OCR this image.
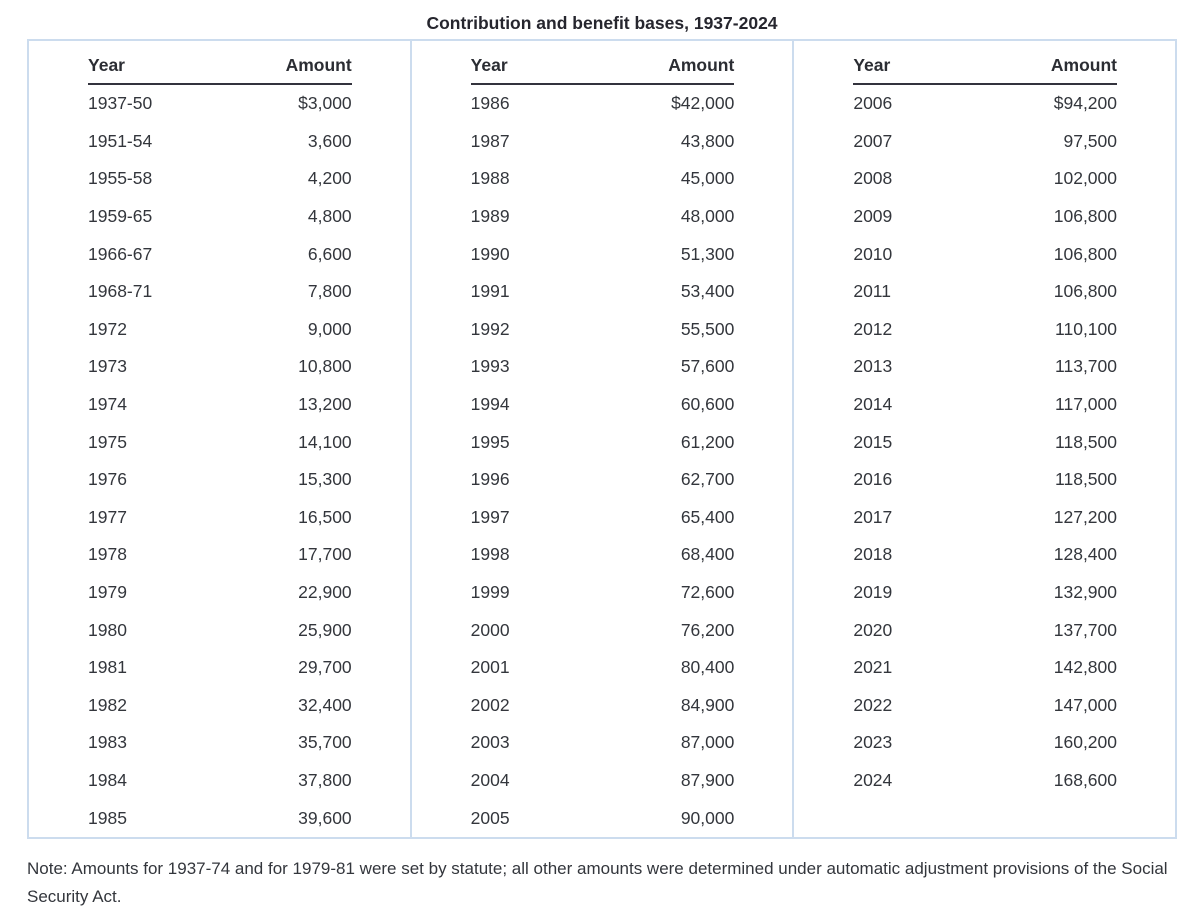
Contribution and benefit bases, 1937-2024
Year	Amount
1937-50	$3,000
1951-54	3,600
1955-58	4,200
1959-65	4,800
1966-67	6,600
1968-71	7,800
1972	9,000
1973	10,800
1974	13,200
1975	14,100
1976	15,300
1977	16,500
1978	17,700
1979	22,900
1980	25,900
1981	29,700
1982	32,400
1983	35,700
1984	37,800
1985	39,600
Year	Amount
1986	$42,000
1987	43,800
1988	45,000
1989	48,000
1990	51,300
1991	53,400
1992	55,500
1993	57,600
1994	60,600
1995	61,200
1996	62,700
1997	65,400
1998	68,400
1999	72,600
2000	76,200
2001	80,400
2002	84,900
2003	87,000
2004	87,900
2005	90,000
Year	Amount
2006	$94,200
2007	97,500
2008	102,000
2009	106,800
2010	106,800
2011	106,800
2012	110,100
2013	113,700
2014	117,000
2015	118,500
2016	118,500
2017	127,200
2018	128,400
2019	132,900
2020	137,700
2021	142,800
2022	147,000
2023	160,200
2024	168,600
Note: Amounts for 1937-74 and for 1979-81 were set by statute; all other amounts were determined under automatic adjustment provisions of the Social Security Act.
